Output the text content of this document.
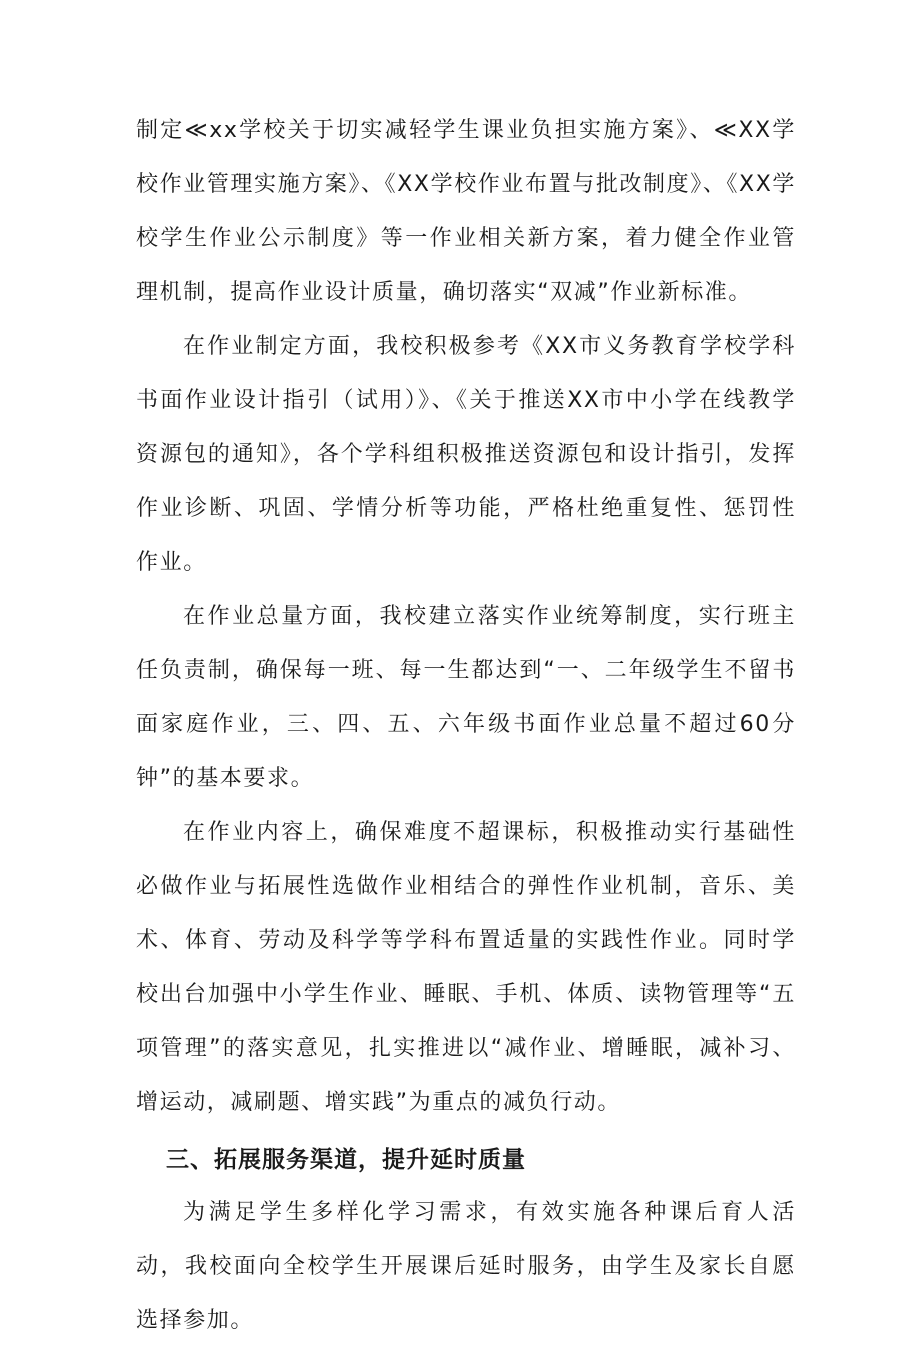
制定≪xx学校关于切实减轻学生课业负担实施方案》、≪XX学校作业管理实施方案》、《XX学校作业布置与批改制度》、《XX学校学生作业公示制度》等一作业相关新方案，着力健全作业管理机制，提高作业设计质量，确切落实“双减”作业新标准。

在作业制定方面，我校积极参考《XX市义务教育学校学科书面作业设计指引（试用）》、《关于推送XX市中小学在线教学资源包的通知》，各个学科组积极推送资源包和设计指引，发挥作业诊断、巩固、学情分析等功能，严格杜绝重复性、惩罚性作业。

在作业总量方面，我校建立落实作业统筹制度，实行班主任负责制，确保每一班、每一生都达到“一、二年级学生不留书面家庭作业，三、四、五、六年级书面作业总量不超过60分钟”的基本要求。

在作业内容上，确保难度不超课标，积极推动实行基础性必做作业与拓展性选做作业相结合的弹性作业机制，音乐、美术、体育、劳动及科学等学科布置适量的实践性作业。同时学校出台加强中小学生作业、睡眠、手机、体质、读物管理等“五项管理”的落实意见，扎实推进以“减作业、增睡眠，减补习、增运动，减刷题、增实践”为重点的减负行动。

三、拓展服务渠道，提升延时质量

为满足学生多样化学习需求，有效实施各种课后育人活动，我校面向全校学生开展课后延时服务，由学生及家长自愿选择参加。
